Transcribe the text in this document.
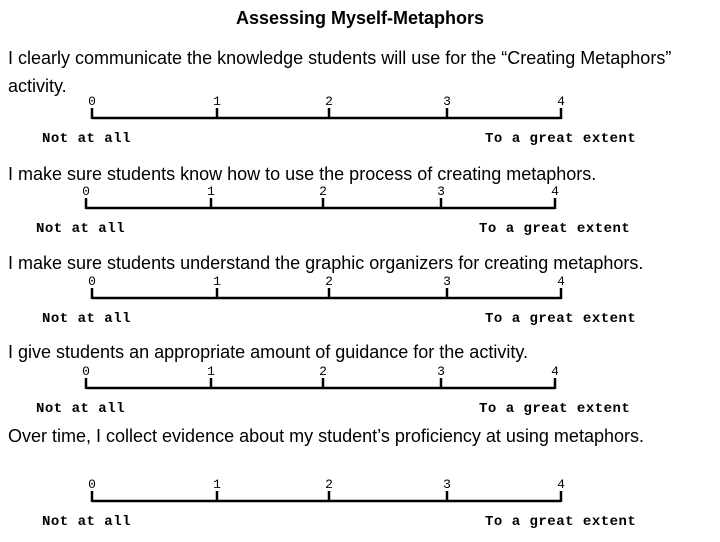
Assessing Myself-Metaphors
I clearly communicate the knowledge students will use for the “Creating Metaphors” activity.
0	1	2	3	4
Not at all	To a great extent
I make sure students know how to use the process of creating metaphors.
0	1	2	3	4
Not at all	To a great extent
I make sure students understand the graphic organizers for creating metaphors.
0	1	2	3	4
Not at all	To a great extent
I give students an appropriate amount of guidance for the activity.
0	1	2	3	4
Not at all	To a great extent
Over time, I collect evidence about my student’s proficiency at using metaphors.
0	1	2	3	4
Not at all	To a great extent
